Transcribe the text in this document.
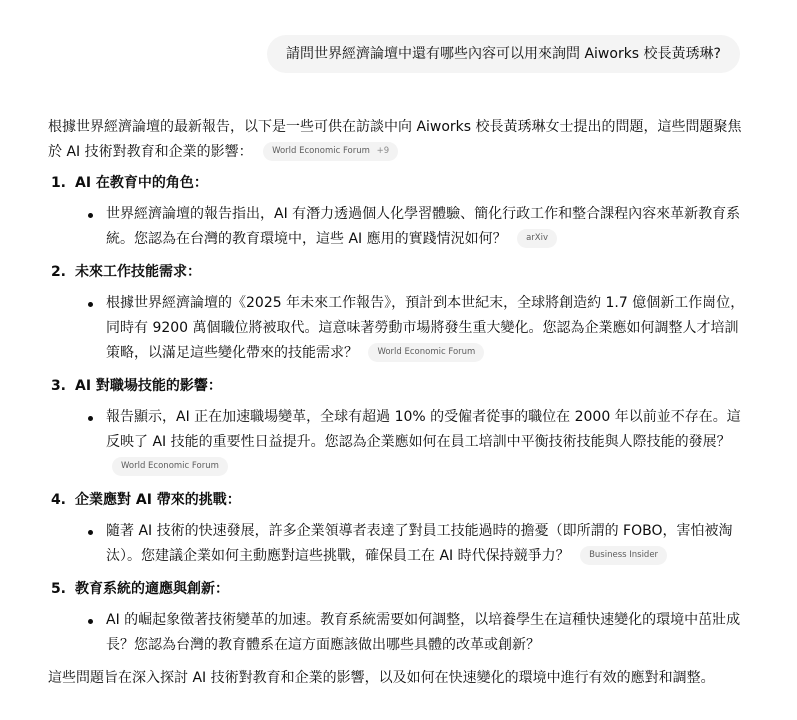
請問世界經濟論壇中還有哪些內容可以用來詢問 Aiworks 校長黃琇琳?

根據世界經濟論壇的最新報告，以下是一些可供在訪談中向 Aiworks 校長黃琇琳女士提出的問題，這些問題聚焦於 AI 技術對教育和企業的影響： World Economic Forum +9

1. AI 在教育中的角色：
世界經濟論壇的報告指出，AI 有潛力透過個人化學習體驗、簡化行政工作和整合課程內容來革新教育系統。您認為在台灣的教育環境中，這些 AI 應用的實踐情況如何？ arXiv
2. 未來工作技能需求：
根據世界經濟論壇的《2025 年未來工作報告》，預計到本世紀末，全球將創造約 1.7 億個新工作崗位，同時有 9200 萬個職位將被取代。這意味著勞動市場將發生重大變化。您認為企業應如何調整人才培訓策略，以滿足這些變化帶來的技能需求？ World Economic Forum
3. AI 對職場技能的影響：
報告顯示，AI 正在加速職場變革，全球有超過 10% 的受僱者從事的職位在 2000 年以前並不存在。這反映了 AI 技能的重要性日益提升。您認為企業應如何在員工培訓中平衡技術技能與人際技能的發展？ World Economic Forum
4. 企業應對 AI 帶來的挑戰：
隨著 AI 技術的快速發展，許多企業領導者表達了對員工技能過時的擔憂（即所謂的 FOBO，害怕被淘汰）。您建議企業如何主動應對這些挑戰，確保員工在 AI 時代保持競爭力？ Business Insider
5. 教育系統的適應與創新：
AI 的崛起象徵著技術變革的加速。教育系統需要如何調整，以培養學生在這種快速變化的環境中茁壯成長？您認為台灣的教育體系在這方面應該做出哪些具體的改革或創新？

這些問題旨在深入探討 AI 技術對教育和企業的影響，以及如何在快速變化的環境中進行有效的應對和調整。
